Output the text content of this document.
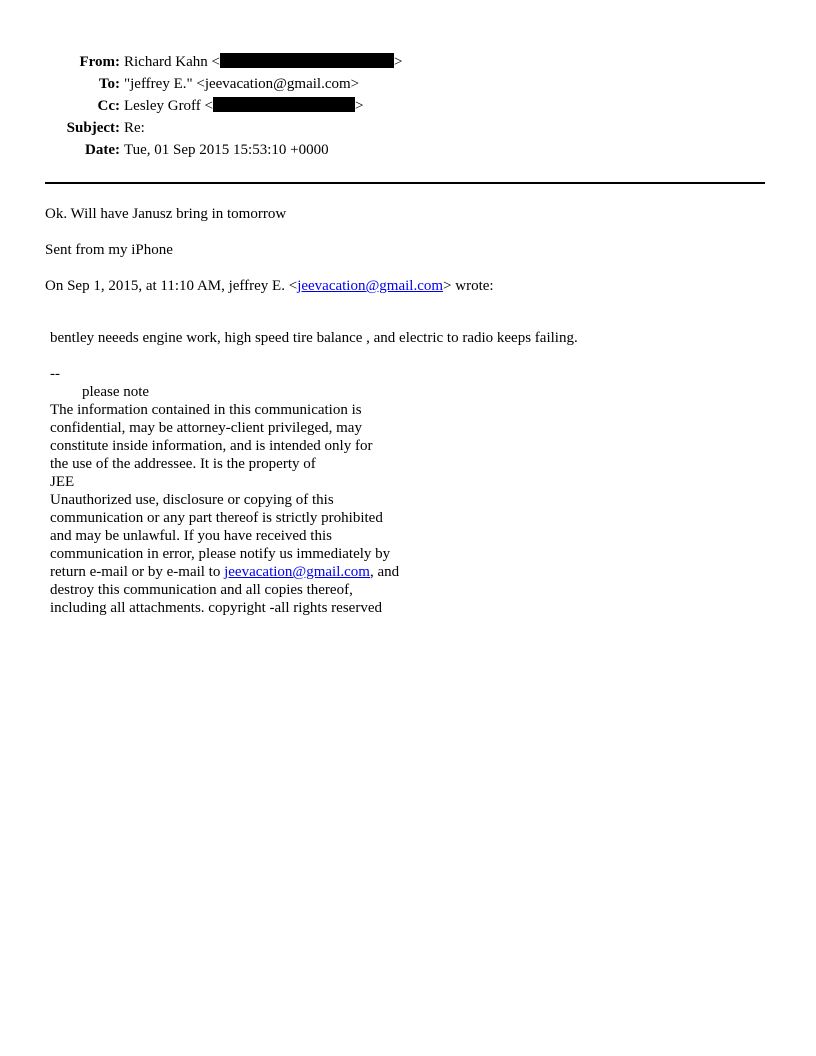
From: Richard Kahn <	>
To: "jeffrey E." <jeevacation@gmail.com>
Cc: Lesley Groff <	>
Subject: Re:
Date: Tue, 01 Sep 2015 15:53:10 +0000
Ok. Will have Janusz bring in tomorrow
Sent from my iPhone
On Sep 1, 2015, at 11:10 AM, jeffrey E. <jeevacation@gmail.com> wrote:
bentley neeeds engine work, high speed tire balance , and electric to radio keeps failing.
--
please note
The information contained in this communication is
confidential, may be attorney-client privileged, may
constitute inside information, and is intended only for
the use of the addressee. It is the property of
JEE
Unauthorized use, disclosure or copying of this
communication or any part thereof is strictly prohibited
and may be unlawful. If you have received this
communication in error, please notify us immediately by
return e-mail or by e-mail to jeevacation@gmail.com, and
destroy this communication and all copies thereof,
including all attachments. copyright -all rights reserved
